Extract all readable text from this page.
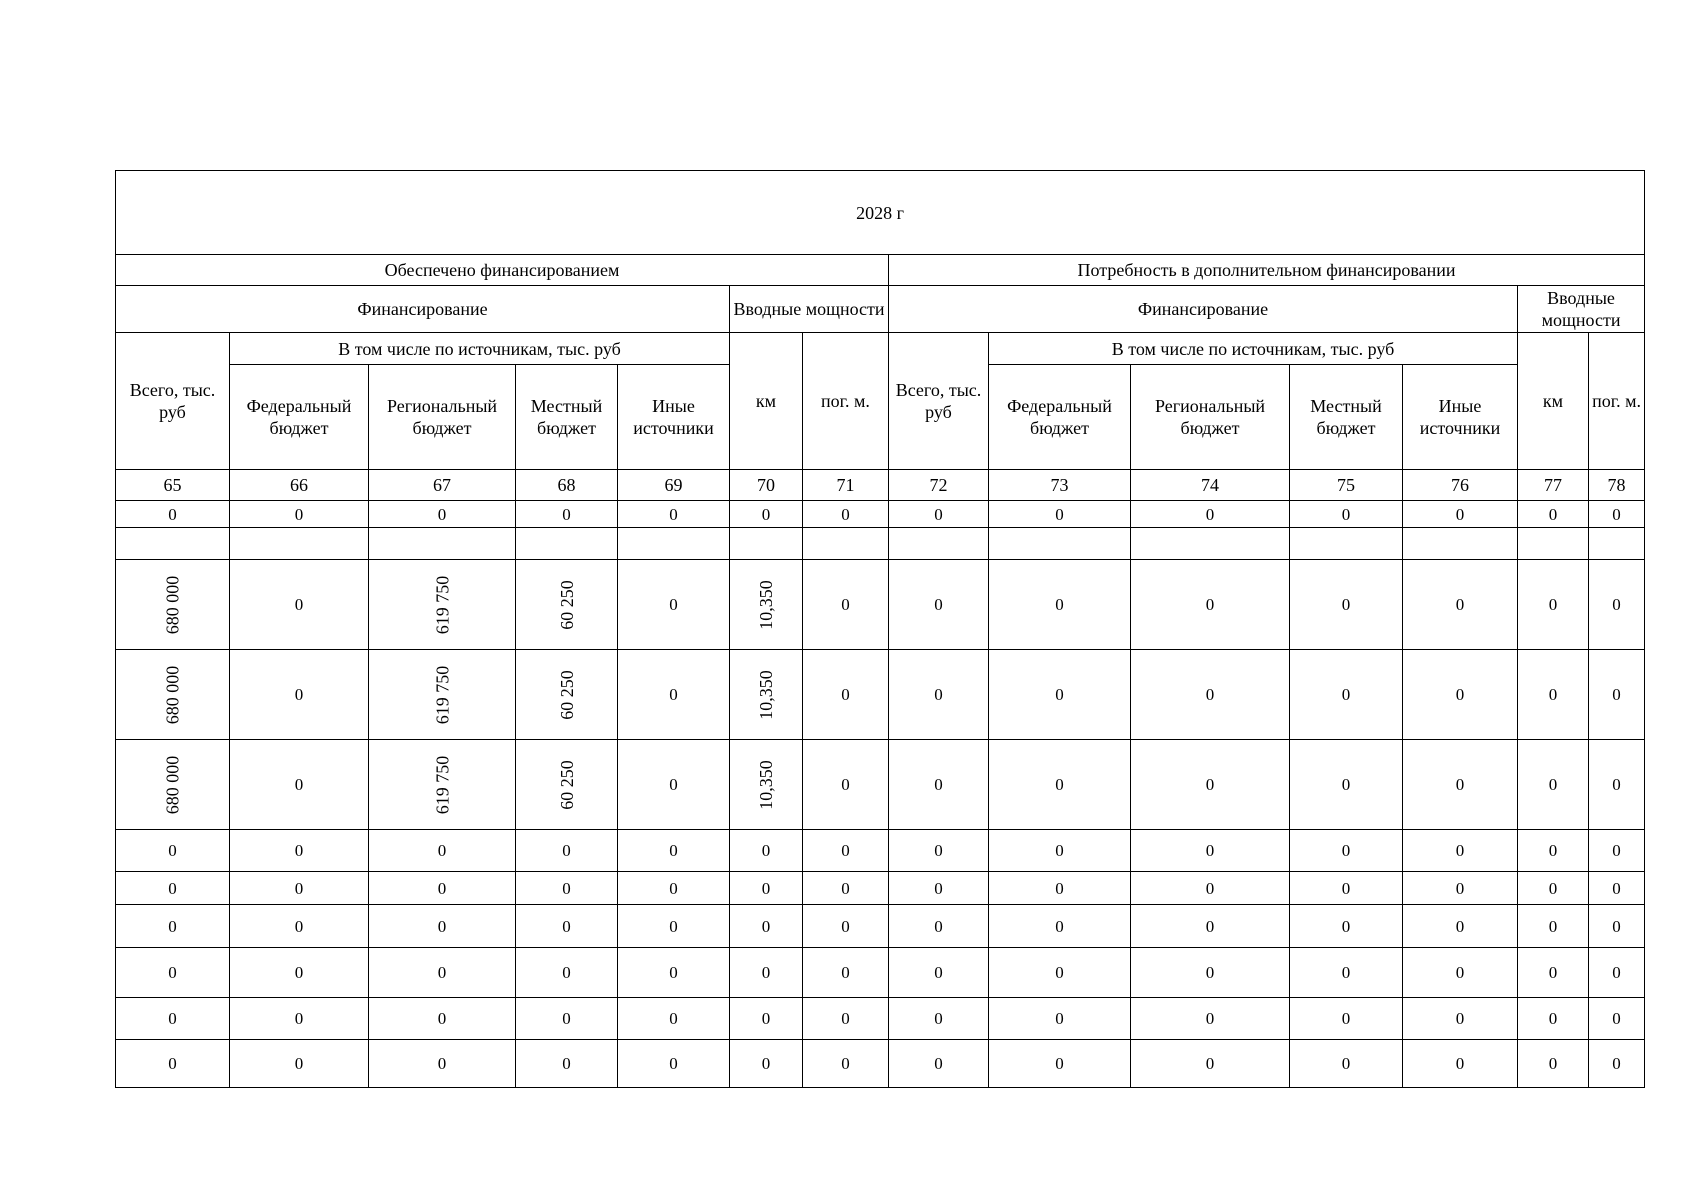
2028 г													
Обеспечено финансированием							Потребность в дополнительном финансировании						
Финансирование					Вводные мощности		Финансирование					Вводные мощности	
Всего, тыс. руб	В том числе по источникам, тыс. руб				км	пог. м.	Всего, тыс. руб	В том числе по источникам, тыс. руб				км	пог. м.
	Федеральный бюджет	Региональный бюджет	Местный бюджет	Иные источники				Федеральный бюджет	Региональный бюджет	Местный бюджет	Иные источники		
65	66	67	68	69	70	71	72	73	74	75	76	77	78
0	0	0	0	0	0	0	0	0	0	0	0	0	0

680 000	0	619 750	60 250	0	10,350	0	0	0	0	0	0	0	0
680 000	0	619 750	60 250	0	10,350	0	0	0	0	0	0	0	0
680 000	0	619 750	60 250	0	10,350	0	0	0	0	0	0	0	0
0	0	0	0	0	0	0	0	0	0	0	0	0	0
0	0	0	0	0	0	0	0	0	0	0	0	0	0
0	0	0	0	0	0	0	0	0	0	0	0	0	0
0	0	0	0	0	0	0	0	0	0	0	0	0	0
0	0	0	0	0	0	0	0	0	0	0	0	0	0
0	0	0	0	0	0	0	0	0	0	0	0	0	0
